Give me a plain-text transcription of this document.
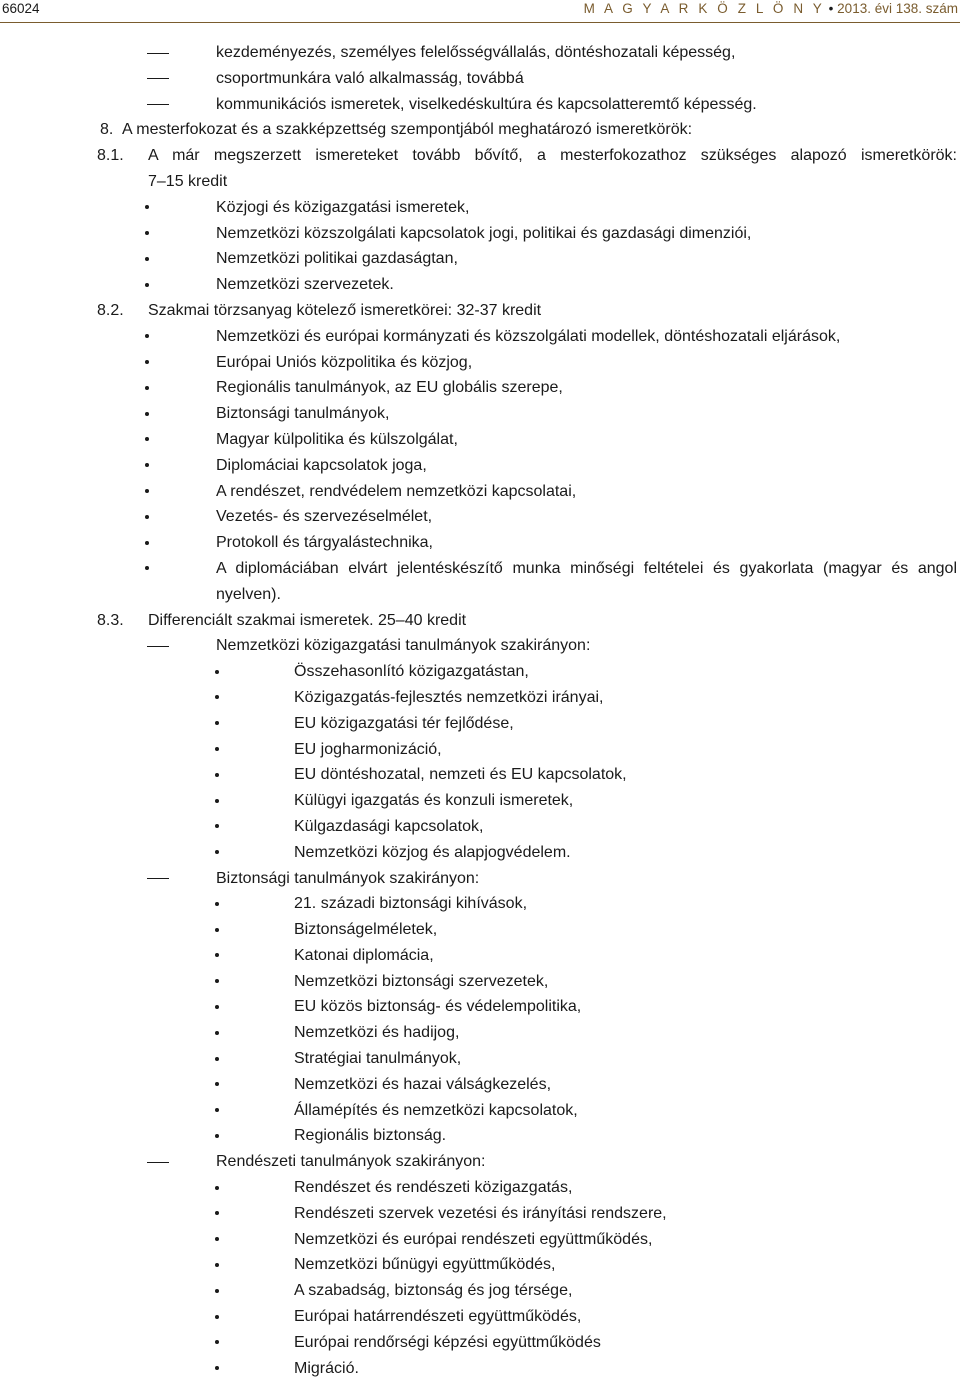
66024	M A G Y A R K Ö Z L Ö N Y • 2013. évi 138. szám
kezdeményezés, személyes felelősségvállalás, döntéshozatali képesség,
csoportmunkára való alkalmasság, továbbá
kommunikációs ismeretek, viselkedéskultúra és kapcsolatteremtő képesség.
8. A mesterfokozat és a szakképzettség szempontjából meghatározó ismeretkörök:
8.1. A már megszerzett ismereteket tovább bővítő, a mesterfokozathoz szükséges alapozó ismeretkörök:
7–15 kredit
Közjogi és közigazgatási ismeretek,
Nemzetközi közszolgálati kapcsolatok jogi, politikai és gazdasági dimenziói,
Nemzetközi politikai gazdaságtan,
Nemzetközi szervezetek.
8.2. Szakmai törzsanyag kötelező ismeretkörei: 32-37 kredit
Nemzetközi és európai kormányzati és közszolgálati modellek, döntéshozatali eljárások,
Európai Uniós közpolitika és közjog,
Regionális tanulmányok, az EU globális szerepe,
Biztonsági tanulmányok,
Magyar külpolitika és külszolgálat,
Diplomáciai kapcsolatok joga,
A rendészet, rendvédelem nemzetközi kapcsolatai,
Vezetés- és szervezéselmélet,
Protokoll és tárgyalástechnika,
A diplomáciában elvárt jelentéskészítő munka minőségi feltételei és gyakorlata (magyar és angol
nyelven).
8.3. Differenciált szakmai ismeretek. 25–40 kredit
Nemzetközi közigazgatási tanulmányok szakirányon:
Összehasonlító közigazgatástan,
Közigazgatás-fejlesztés nemzetközi irányai,
EU közigazgatási tér fejlődése,
EU jogharmonizáció,
EU döntéshozatal, nemzeti és EU kapcsolatok,
Külügyi igazgatás és konzuli ismeretek,
Külgazdasági kapcsolatok,
Nemzetközi közjog és alapjogvédelem.
Biztonsági tanulmányok szakirányon:
21. századi biztonsági kihívások,
Biztonságelméletek,
Katonai diplomácia,
Nemzetközi biztonsági szervezetek,
EU közös biztonság- és védelempolitika,
Nemzetközi és hadijog,
Stratégiai tanulmányok,
Nemzetközi és hazai válságkezelés,
Államépítés és nemzetközi kapcsolatok,
Regionális biztonság.
Rendészeti tanulmányok szakirányon:
Rendészet és rendészeti közigazgatás,
Rendészeti szervek vezetési és irányítási rendszere,
Nemzetközi és európai rendészeti együttműködés,
Nemzetközi bűnügyi együttműködés,
A szabadság, biztonság és jog térsége,
Európai határrendészeti együttműködés,
Európai rendőrségi képzési együttműködés
Migráció.
